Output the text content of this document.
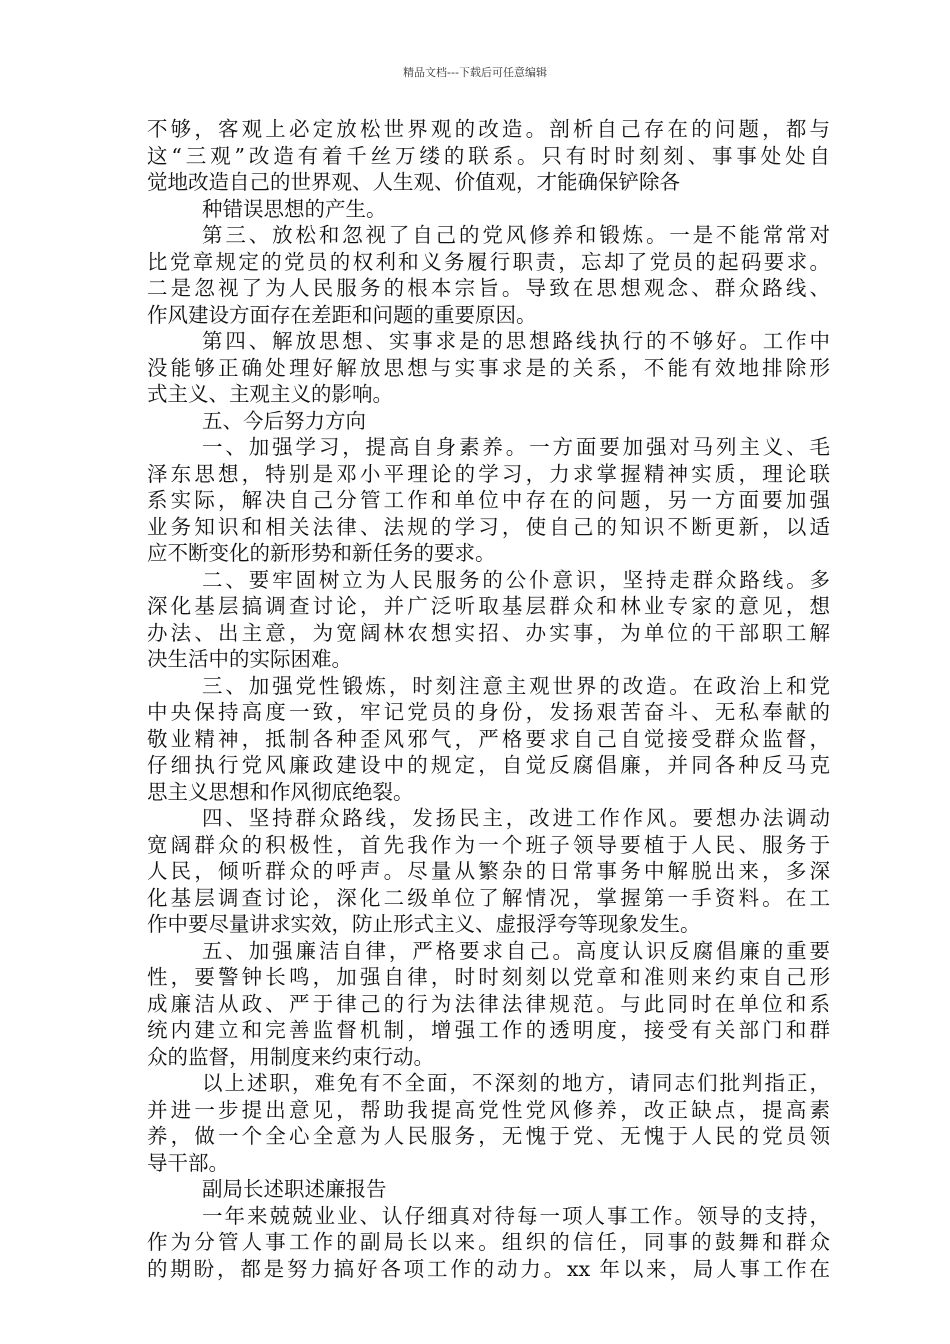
精品文档---下载后可任意编辑
不够，客观上必定放松世界观的改造。剖析自己存在的问题，都与
这“三观”改造有着千丝万缕的联系。只有时时刻刻、事事处处自
觉地改造自己的世界观、人生观、价值观，才能确保铲除各
种错误思想的产生。
第三、放松和忽视了自己的党风修养和锻炼。一是不能常常对
比党章规定的党员的权利和义务履行职责，忘却了党员的起码要求。
二是忽视了为人民服务的根本宗旨。导致在思想观念、群众路线、
作风建设方面存在差距和问题的重要原因。
第四、解放思想、实事求是的思想路线执行的不够好。工作中
没能够正确处理好解放思想与实事求是的关系，不能有效地排除形
式主义、主观主义的影响。
五、今后努力方向
一、加强学习，提高自身素养。一方面要加强对马列主义、毛
泽东思想，特别是邓小平理论的学习，力求掌握精神实质，理论联
系实际，解决自己分管工作和单位中存在的问题，另一方面要加强
业务知识和相关法律、法规的学习，使自己的知识不断更新，以适
应不断变化的新形势和新任务的要求。
二、要牢固树立为人民服务的公仆意识，坚持走群众路线。多
深化基层搞调查讨论，并广泛听取基层群众和林业专家的意见，想
办法、出主意，为宽阔林农想实招、办实事，为单位的干部职工解
决生活中的实际困难。
三、加强党性锻炼，时刻注意主观世界的改造。在政治上和党
中央保持高度一致，牢记党员的身份，发扬艰苦奋斗、无私奉献的
敬业精神，抵制各种歪风邪气，严格要求自己自觉接受群众监督，
仔细执行党风廉政建设中的规定，自觉反腐倡廉，并同各种反马克
思主义思想和作风彻底绝裂。
四、坚持群众路线，发扬民主，改进工作作风。要想办法调动
宽阔群众的积极性，首先我作为一个班子领导要植于人民、服务于
人民，倾听群众的呼声。尽量从繁杂的日常事务中解脱出来，多深
化基层调查讨论，深化二级单位了解情况，掌握第一手资料。在工
作中要尽量讲求实效，防止形式主义、虚报浮夸等现象发生。
五、加强廉洁自律，严格要求自己。高度认识反腐倡廉的重要
性，要警钟长鸣，加强自律，时时刻刻以党章和准则来约束自己形
成廉洁从政、严于律己的行为法律法律规范。与此同时在单位和系
统内建立和完善监督机制，增强工作的透明度，接受有关部门和群
众的监督，用制度来约束行动。
以上述职，难免有不全面，不深刻的地方，请同志们批判指正，
并进一步提出意见，帮助我提高党性党风修养，改正缺点，提高素
养，做一个全心全意为人民服务，无愧于党、无愧于人民的党员领
导干部。
副局长述职述廉报告
一年来兢兢业业、认仔细真对待每一项人事工作。领导的支持，
作为分管人事工作的副局长以来。组织的信任，同事的鼓舞和群众
的期盼，都是努力搞好各项工作的动力。xx 年以来，局人事工作在
